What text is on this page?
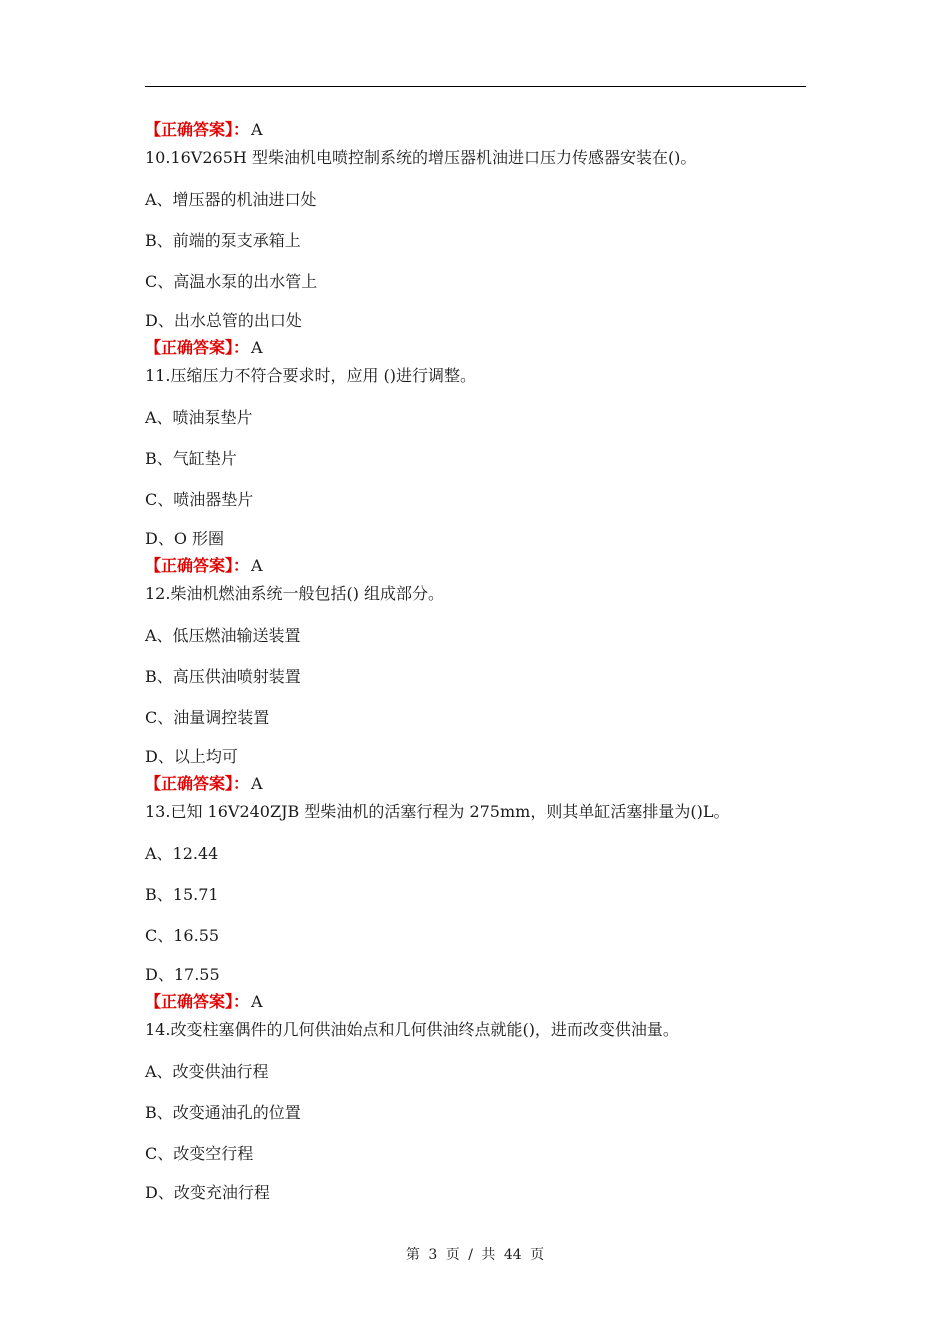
【正确答案】： A
10.16V265H 型柴油机电喷控制系统的增压器机油进口压力传感器安装在()。
A、增压器的机油进口处
B、前端的泵支承箱上
C、高温水泵的出水管上
D、出水总管的出口处
【正确答案】： A
11.压缩压力不符合要求时，应用 ()进行调整。
A、喷油泵垫片
B、气缸垫片
C、喷油器垫片
D、O 形圈
【正确答案】： A
12.柴油机燃油系统一般包括() 组成部分。
A、低压燃油输送装置
B、高压供油喷射装置
C、油量调控装置
D、以上均可
【正确答案】： A
13.已知 16V240ZJB 型柴油机的活塞行程为 275mm，则其单缸活塞排量为()L。
A、12.44
B、15.71
C、16.55
D、17.55
【正确答案】： A
14.改变柱塞偶件的几何供油始点和几何供油终点就能()，进而改变供油量。
A、改变供油行程
B、改变通油孔的位置
C、改变空行程
D、改变充油行程
第 3 页 / 共 44 页
